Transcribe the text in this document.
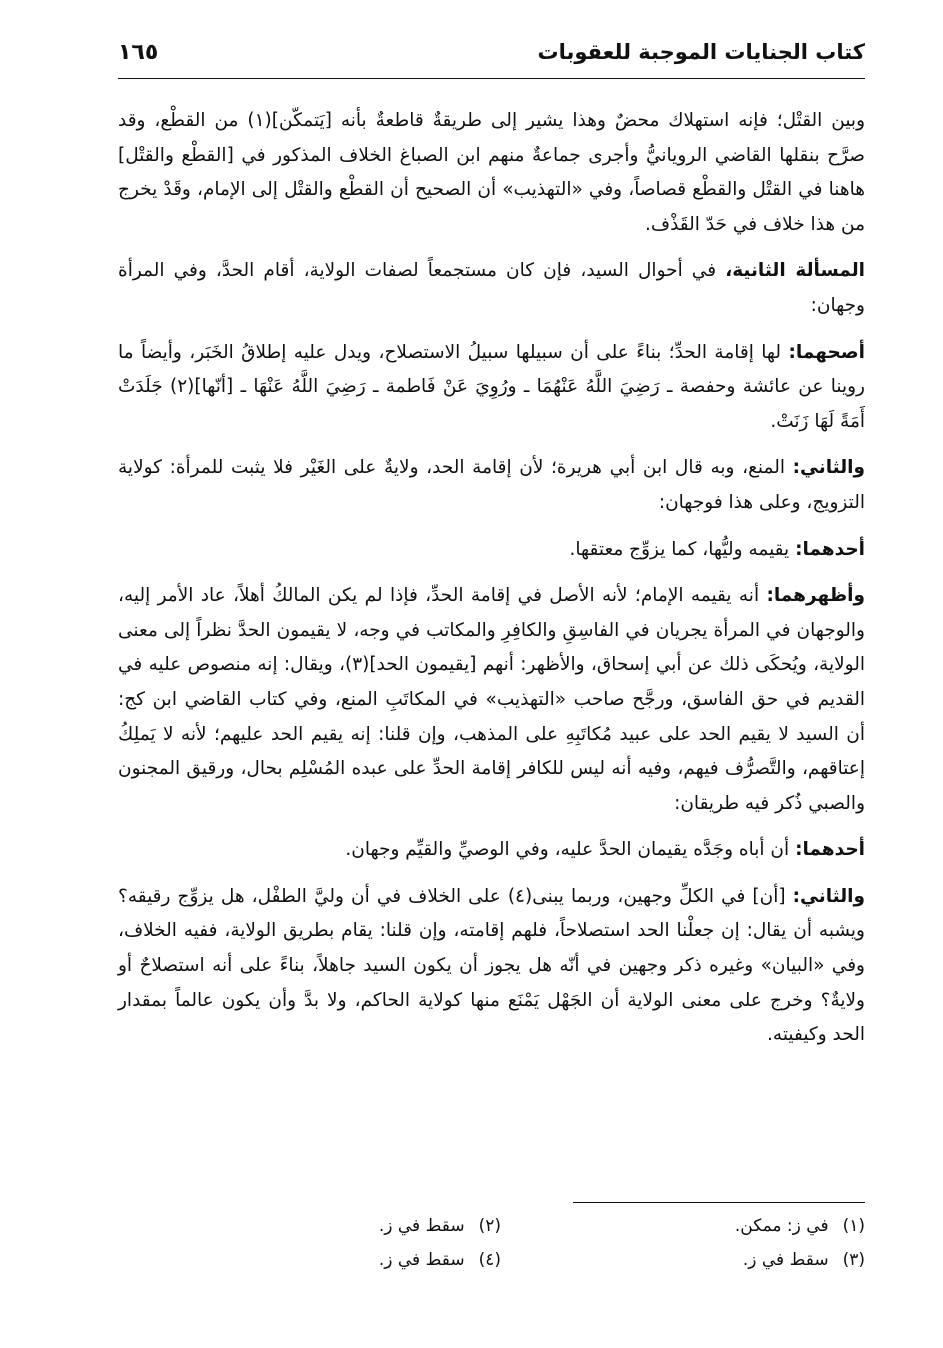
كتاب الجنايات الموجبة للعقوبات
١٦٥

وبين القتْل؛ فإنه استهلاك محضٌ وهذا يشير إلى طريقةٌ قاطعةٌ بأنه [يَتمكّن](١) من القطْع، وقد صرَّح بنقلها القاضي الرويانيُّ وأجرى جماعةٌ منهم ابن الصباغ الخلاف المذكور في [القطْع والقتْل] هاهنا في القتْل والقطْع قصاصاً، وفي «التهذيب» أن الصحيح أن القطْع والقتْل إلى الإمام، وقَدْ يخرج من هذا خلاف في حَدّ القَذْف.

المسألة الثانية، في أحوال السيد، فإن كان مستجمعاً لصفات الولاية، أقام الحدَّ، وفي المرأة وجهان:

أصحهما: لها إقامة الحدِّ؛ بناءً على أن سبيلها سبيلُ الاستصلاح، ويدل عليه إطلاقُ الخَبَر، وأيضاً ما روينا عن عائشة وحفصة ـ رَضِيَ اللَّهُ عَنْهُمَا ـ ورُوِيَ عَنْ فَاطمة ـ رَضِيَ اللَّهُ عَنْهَا ـ [أنّها](٢) جَلَدَتْ أَمَةً لَهَا زَنَتْ.

والثاني: المنع، وبه قال ابن أبي هريرة؛ لأن إقامة الحد، ولايةٌ على الغَيْر فلا يثبت للمرأة: كولاية التزويج، وعلى هذا فوجهان:

أحدهما: يقيمه وليُّها، كما يزوِّج معتقها.

وأظهرهما: أنه يقيمه الإمام؛ لأنه الأصل في إقامة الحدِّ، فإذا لم يكن المالكُ أهلاً، عاد الأمر إليه، والوجهان في المرأة يجريان في الفاسِقِ والكافِرِ والمكاتب في وجه، لا يقيمون الحدَّ نظراً إلى معنى الولاية، ويُحكَى ذلك عن أبي إسحاق، والأظهر: أنهم [يقيمون الحد](٣)، ويقال: إنه منصوص عليه في القديم في حق الفاسق، ورجَّح صاحب «التهذيب» في المكاتَبِ المنع، وفي كتاب القاضي ابن كج: أن السيد لا يقيم الحد على عبيد مُكاتَبِهِ على المذهب، وإن قلنا: إنه يقيم الحد عليهم؛ لأنه لا يَملِكُ إعتاقهم، والتَّصرُّف فيهم، وفيه أنه ليس للكافر إقامة الحدِّ على عبده المُسْلِم بحال، ورقيق المجنون والصبي ذُكر فيه طريقان:

أحدهما: أن أباه وجَدَّه يقيمان الحدَّ عليه، وفي الوصيِّ والقيِّم وجهان.

والثاني: [أن] في الكلِّ وجهين، وربما يبنى(٤) على الخلاف في أن وليَّ الطفْل، هل يزوِّج رقيقه؟ ويشبه أن يقال: إن جعلْنا الحد استصلاحاً، فلهم إقامته، وإن قلنا: يقام بطريق الولاية، ففيه الخلاف، وفي «البيان» وغيره ذكر وجهين في أنّه هل يجوز أن يكون السيد جاهلاً، بناءً على أنه استصلاحٌ أو ولايةٌ؟ وخرج على معنى الولاية أن الجَهْل يَمْنَع منها كولاية الحاكم، ولا بدَّ وأن يكون عالماً بمقدار الحد وكيفيته.

(١)في ز: ممكن.
(٢)سقط في ز.
(٣)سقط في ز.
(٤)سقط في ز.
